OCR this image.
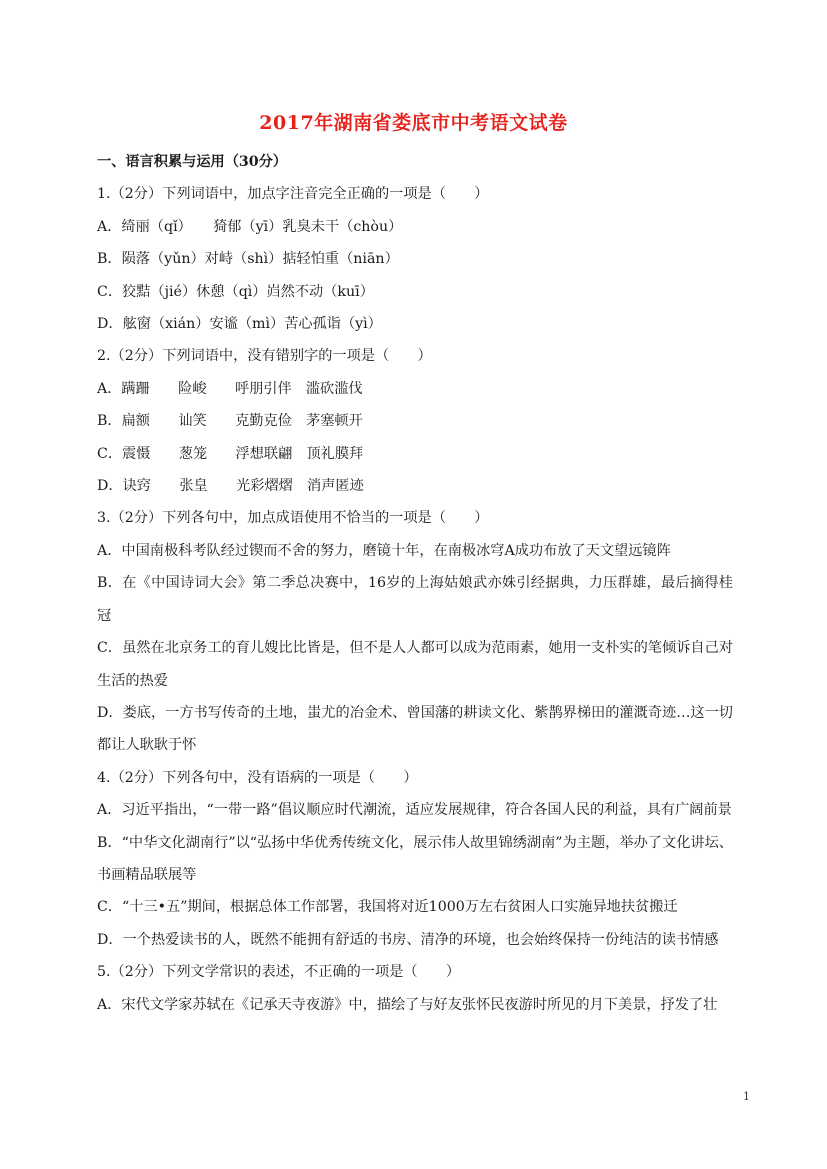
2017年湖南省娄底市中考语文试卷
一、语言积累与运用（30分）
1.（2分）下列词语中，加点字注音完全正确的一项是（　　）
A．绮丽（qǐ）　　猗郁（yī）乳臭未干（chòu）
B．陨落（yǔn）对峙（shì）掂轻怕重（niān）
C．狡黠（jié）休憩（qì）岿然不动（kuī）
D．舷窗（xián）安谧（mì）苦心孤诣（yì）
2.（2分）下列词语中，没有错别字的一项是（　　）
A．蹒跚　　险峻　　呼朋引伴　滥砍滥伐
B．扁额　　讪笑　　克勤克俭　茅塞顿开
C．震慑　　葱笼　　浮想联翩　顶礼膜拜
D．诀窍　　张皇　　光彩熠熠　消声匿迹
3.（2分）下列各句中，加点成语使用不恰当的一项是（　　）
A．中国南极科考队经过锲而不舍的努力，磨镜十年，在南极冰穹A成功布放了天文望远镜阵
B．在《中国诗词大会》第二季总决赛中，16岁的上海姑娘武亦姝引经据典，力压群雄，最后摘得桂冠
C．虽然在北京务工的育儿嫂比比皆是，但不是人人都可以成为范雨素，她用一支朴实的笔倾诉自己对生活的热爱
D．娄底，一方书写传奇的土地，蚩尤的冶金术、曾国藩的耕读文化、紫鹊界梯田的灌溉奇迹…这一切都让人耿耿于怀
4.（2分）下列各句中，没有语病的一项是（　　）
A．习近平指出，“一带一路”倡议顺应时代潮流，适应发展规律，符合各国人民的利益，具有广阔前景
B．“中华文化湖南行”以“弘扬中华优秀传统文化，展示伟人故里锦绣湖南”为主题，举办了文化讲坛、书画精品联展等
C．“十三•五”期间，根据总体工作部署，我国将对近1000万左右贫困人口实施异地扶贫搬迁
D．一个热爱读书的人，既然不能拥有舒适的书房、清净的环境，也会始终保持一份纯洁的读书情感
5.（2分）下列文学常识的表述，不正确的一项是（　　）
A．宋代文学家苏轼在《记承天寺夜游》中，描绘了与好友张怀民夜游时所见的月下美景，抒发了壮
1
